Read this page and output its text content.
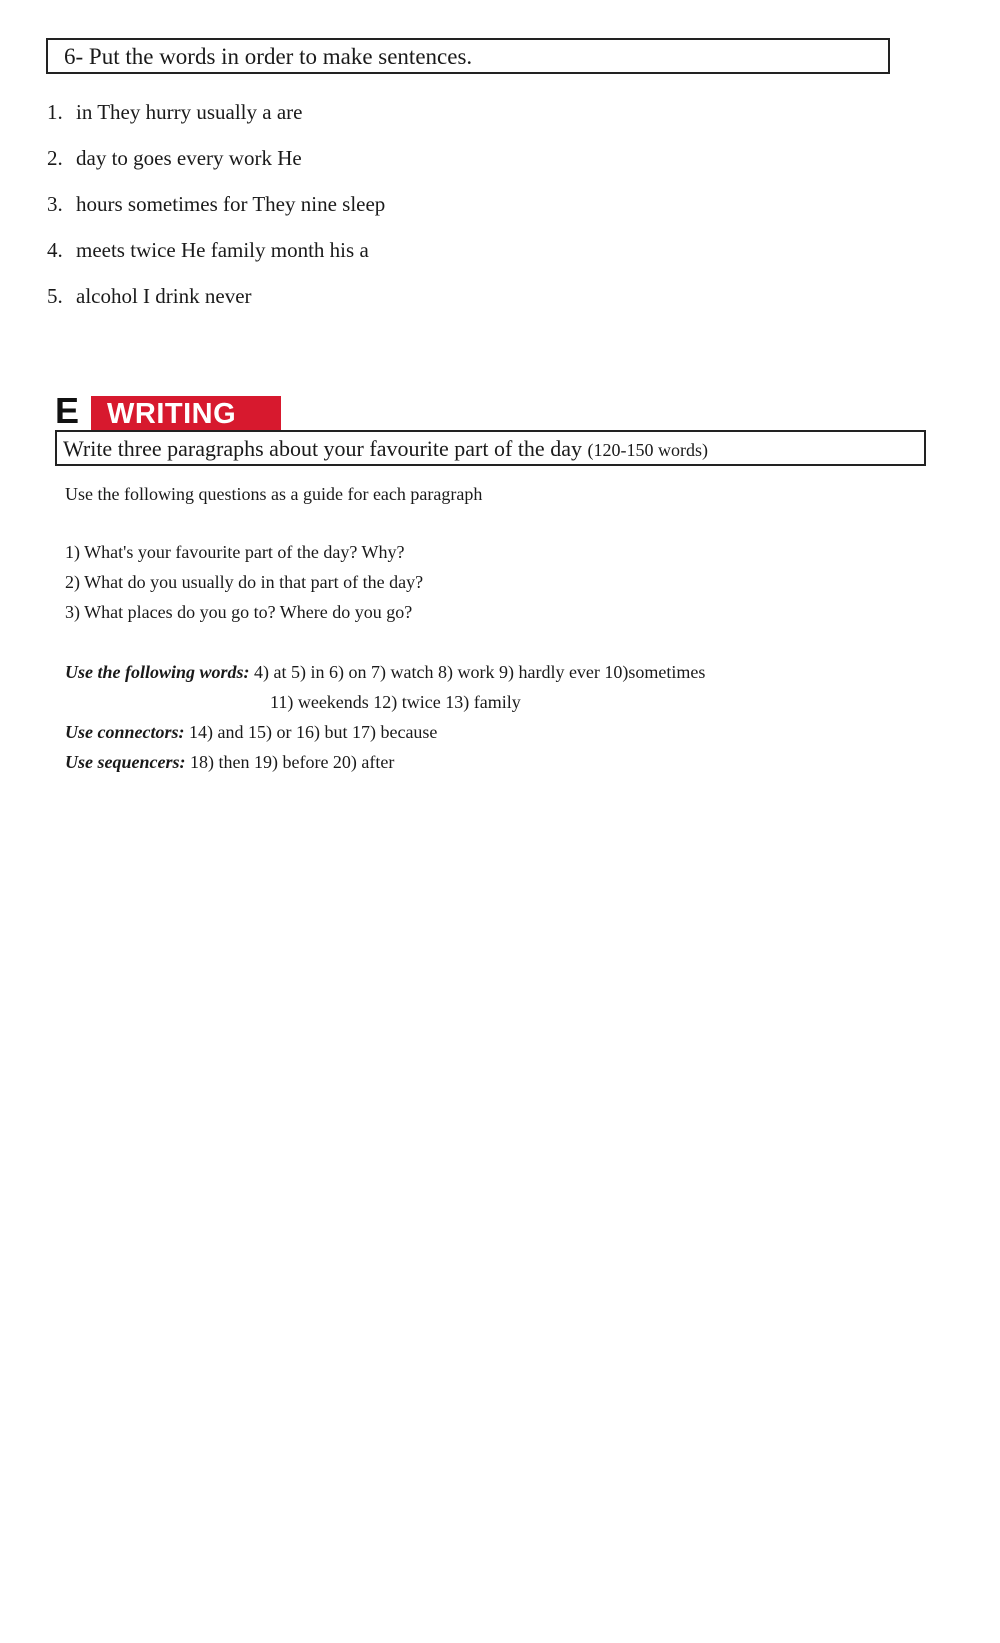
6- Put the words in order to make sentences.
1. in They hurry usually a are
2. day to goes every work He
3. hours sometimes for They nine sleep
4. meets twice He family month his a
5. alcohol I drink never
E WRITING
Write three paragraphs about your favourite part of the day (120-150 words)
Use the following questions as a guide for each paragraph
1) What's your favourite part of the day? Why?
2) What do you usually do in that part of the day?
3) What places do you go to? Where do you go?
Use the following words: 4) at 5) in 6) on 7) watch 8) work 9) hardly ever 10)sometimes
11) weekends 12) twice 13) family
Use connectors: 14) and 15) or 16) but 17) because
Use sequencers: 18) then 19) before 20) after
